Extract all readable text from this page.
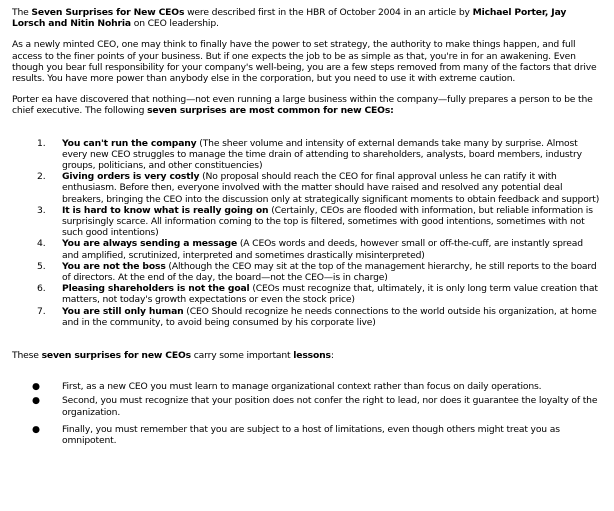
The Seven Surprises for New CEOs were described first in the HBR of October 2004 in an article by Michael Porter, Jay Lorsch and Nitin Nohria on CEO leadership.

As a newly minted CEO, one may think to finally have the power to set strategy, the authority to make things happen, and full access to the finer points of your business. But if one expects the job to be as simple as that, you're in for an awakening. Even though you bear full responsibility for your company's well-being, you are a few steps removed from many of the factors that drive results. You have more power than anybody else in the corporation, but you need to use it with extreme caution.

Porter ea have discovered that nothing—not even running a large business within the company—fully prepares a person to be the chief executive. The following seven surprises are most common for new CEOs:

1. You can't run the company (The sheer volume and intensity of external demands take many by surprise. Almost every new CEO struggles to manage the time drain of attending to shareholders, analysts, board members, industry groups, politicians, and other constituencies)
2. Giving orders is very costly (No proposal should reach the CEO for final approval unless he can ratify it with enthusiasm. Before then, everyone involved with the matter should have raised and resolved any potential deal breakers, bringing the CEO into the discussion only at strategically significant moments to obtain feedback and support)
3. It is hard to know what is really going on (Certainly, CEOs are flooded with information, but reliable information is surprisingly scarce. All information coming to the top is filtered, sometimes with good intentions, sometimes with not such good intentions)
4. You are always sending a message (A CEOs words and deeds, however small or off-the-cuff, are instantly spread and amplified, scrutinized, interpreted and sometimes drastically misinterpreted)
5. You are not the boss (Although the CEO may sit at the top of the management hierarchy, he still reports to the board of directors. At the end of the day, the board—not the CEO—is in charge)
6. Pleasing shareholders is not the goal (CEOs must recognize that, ultimately, it is only long term value creation that matters, not today's growth expectations or even the stock price)
7. You are still only human (CEO Should recognize he needs connections to the world outside his organization, at home and in the community, to avoid being consumed by his corporate live)

These seven surprises for new CEOs carry some important lessons:

● First, as a new CEO you must learn to manage organizational context rather than focus on daily operations.
● Second, you must recognize that your position does not confer the right to lead, nor does it guarantee the loyalty of the organization.
● Finally, you must remember that you are subject to a host of limitations, even though others might treat you as omnipotent.
